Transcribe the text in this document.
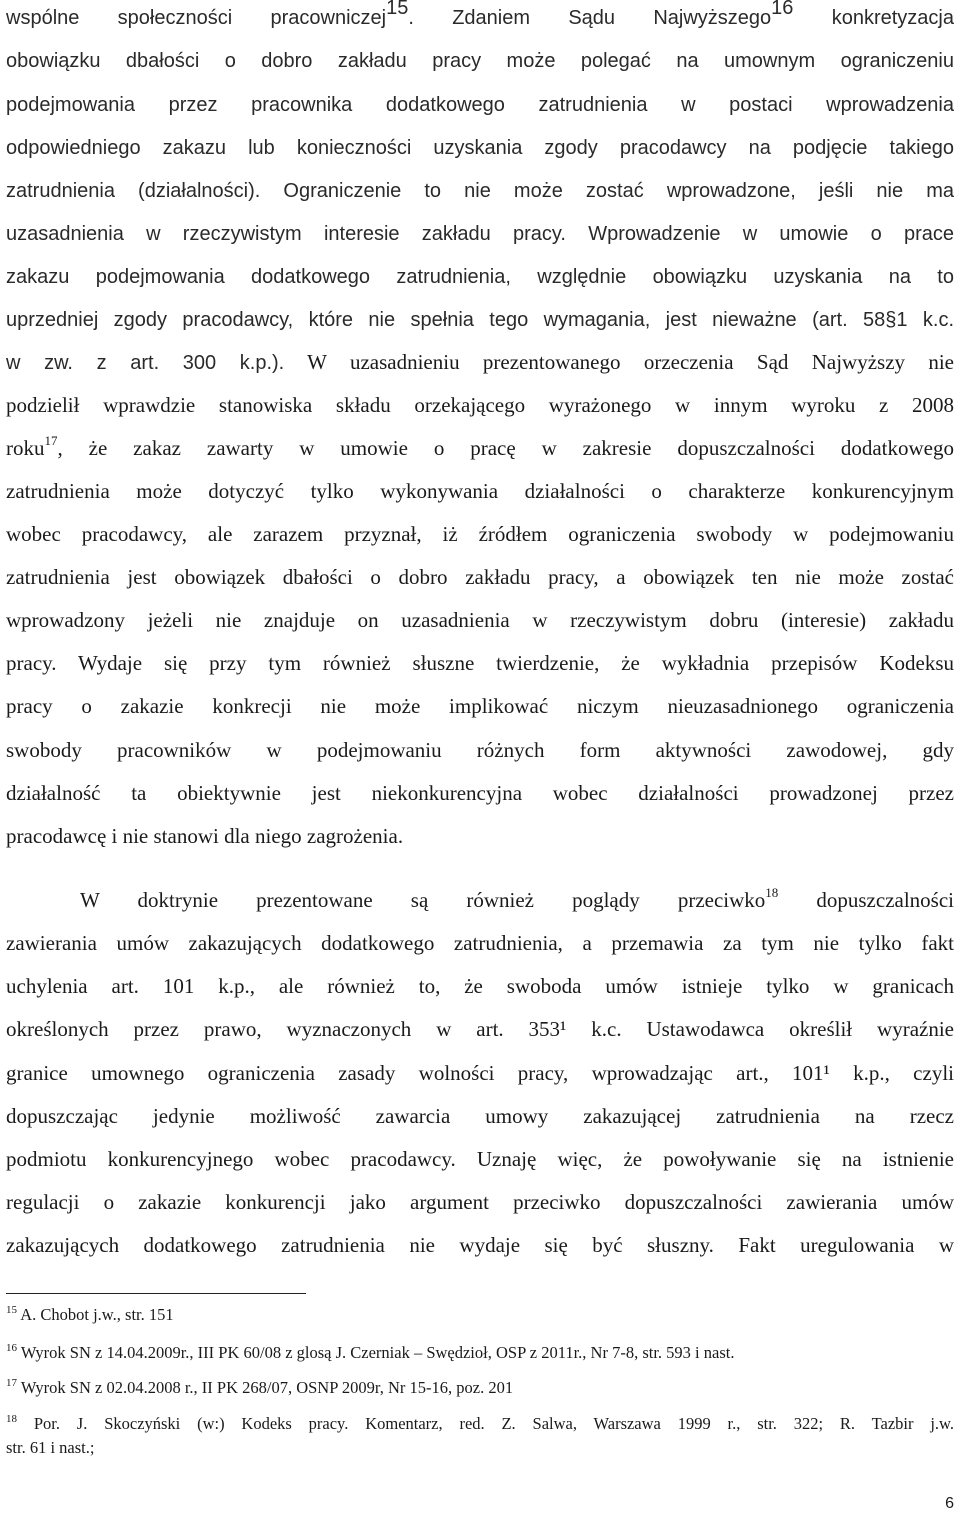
wspólne społeczności pracowniczej$^{15}$. Zdaniem Sądu Najwyższego$^{16}$ konkretyzacja
obowiązku dbałości o dobro zakładu pracy może polegać na umownym ograniczeniu
podejmowania przez pracownika dodatkowego zatrudnienia w postaci wprowadzenia
odpowiedniego zakazu lub konieczności uzyskania zgody pracodawcy na podjęcie takiego
zatrudnienia (działalności). Ograniczenie to nie może zostać wprowadzone, jeśli nie ma
uzasadnienia w rzeczywistym interesie zakładu pracy. Wprowadzenie w umowie o prace
zakazu podejmowania dodatkowego zatrudnienia, względnie obowiązku uzyskania na to
uprzedniej zgody pracodawcy, które nie spełnia tego wymagania, jest nieważne (art. 58§1 k.c.
w zw. z art. 300 k.p.). W uzasadnieniu prezentowanego orzeczenia Sąd Najwyższy nie
podzielił wprawdzie stanowiska składu orzekającego wyrażonego w innym wyroku z 2008
roku$^{17}$, że zakaz zawarty w umowie o pracę w zakresie dopuszczalności dodatkowego
zatrudnienia może dotyczyć tylko wykonywania działalności o charakterze konkurencyjnym
wobec pracodawcy, ale zarazem przyznał, iż źródłem ograniczenia swobody w podejmowaniu
zatrudnienia jest obowiązek dbałości o dobro zakładu pracy, a obowiązek ten nie może zostać
wprowadzony jeżeli nie znajduje on uzasadnienia w rzeczywistym dobru (interesie) zakładu
pracy. Wydaje się przy tym również słuszne twierdzenie, że wykładnia przepisów Kodeksu
pracy o zakazie konkrecji nie może implikować niczym nieuzasadnionego ograniczenia
swobody pracowników w podejmowaniu różnych form aktywności zawodowej, gdy
działalność ta obiektywnie jest niekonkurencyjna wobec działalności prowadzonej przez
pracodawcę i nie stanowi dla niego zagrożenia.
W doktrynie prezentowane są również poglądy przeciwko$^{18}$ dopuszczalności
zawierania umów zakazujących dodatkowego zatrudnienia, a przemawia za tym nie tylko fakt
uchylenia art. 101 k.p., ale również to, że swoboda umów istnieje tylko w granicach
określonych przez prawo, wyznaczonych w art. 353¹ k.c. Ustawodawca określił wyraźnie
granice umownego ograniczenia zasady wolności pracy, wprowadzając art., 101¹ k.p., czyli
dopuszczając jedynie możliwość zawarcia umowy zakazującej zatrudnienia na rzecz
podmiotu konkurencyjnego wobec pracodawcy. Uznaję więc, że powoływanie się na istnienie
regulacji o zakazie konkurencji jako argument przeciwko dopuszczalności zawierania umów
zakazujących dodatkowego zatrudnienia nie wydaje się być słuszny. Fakt uregulowania w
$^{15}$ A. Chobot j.w., str. 151
$^{16}$ Wyrok SN z 14.04.2009r., III PK 60/08 z glosą J. Czerniak – Swędzioł, OSP z 2011r., Nr 7-8, str. 593 i nast.
$^{17}$ Wyrok SN z 02.04.2008 r., II PK 268/07, OSNP 2009r, Nr 15-16, poz. 201
$^{18}$ Por. J. Skoczyński (w:) Kodeks pracy. Komentarz, red. Z. Salwa, Warszawa 1999 r., str. 322; R. Tazbir j.w.
str. 61 i nast.;
6
